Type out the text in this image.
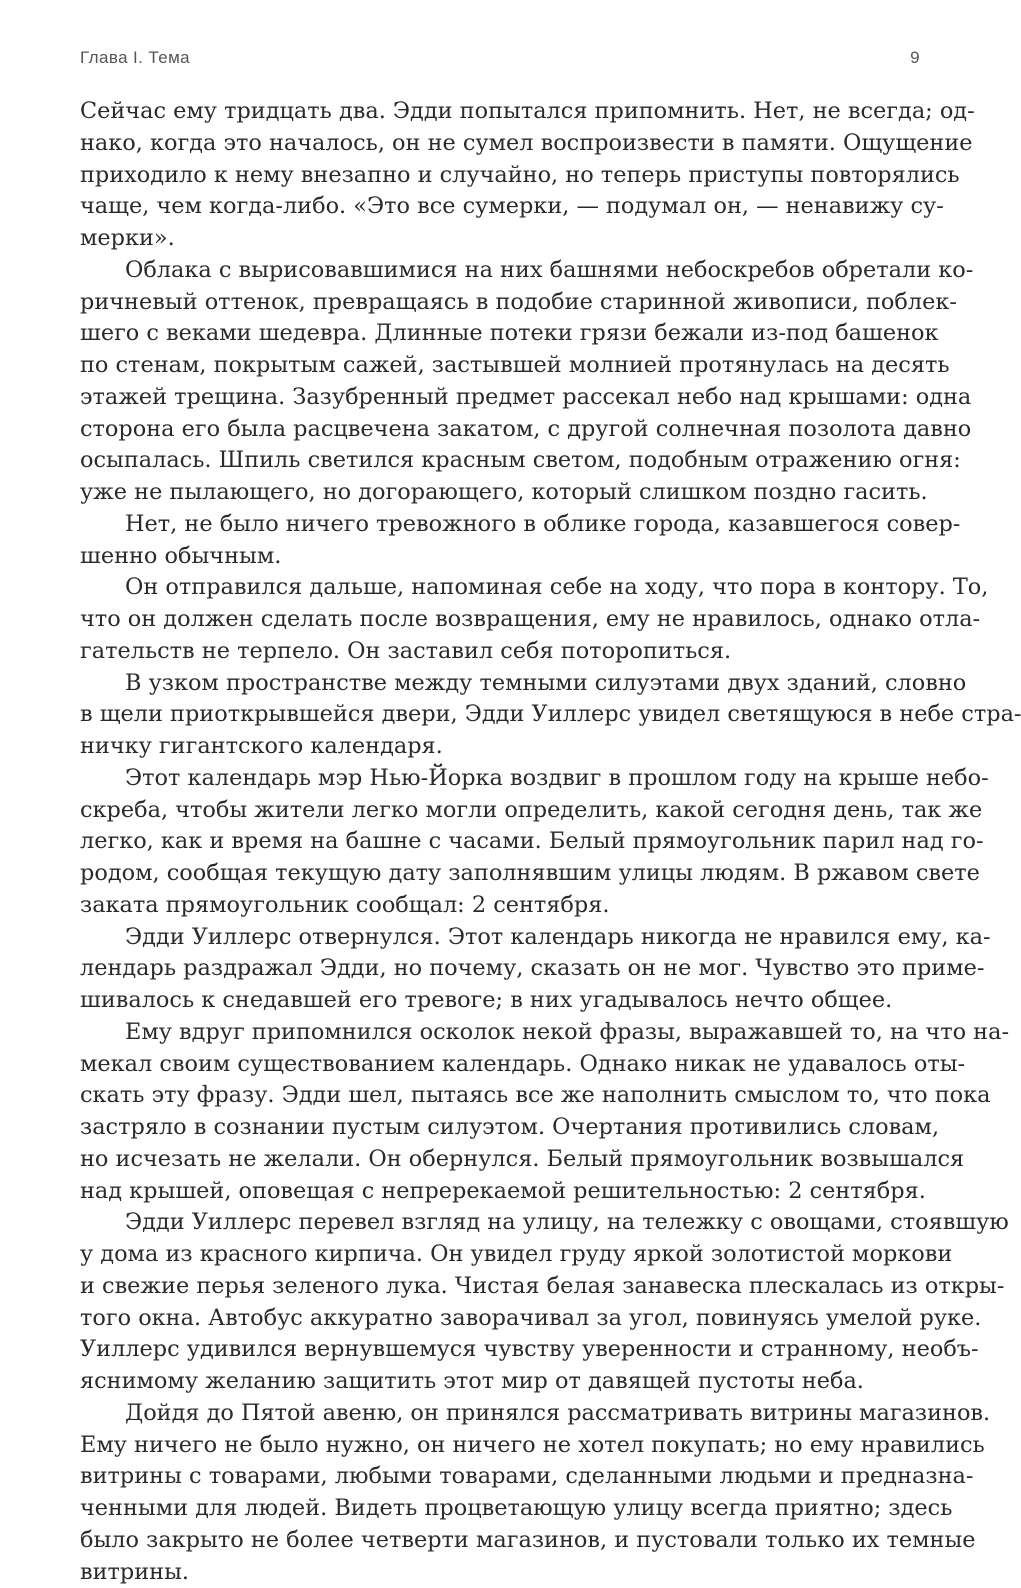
Глава I. Тема	9
Сейчас ему тридцать два. Эдди попытался припомнить. Нет, не всегда; од-
нако, когда это началось, он не сумел воспроизвести в памяти. Ощущение
приходило к нему внезапно и случайно, но теперь приступы повторялись
чаще, чем когда-либо. «Это все сумерки, — подумал он, — ненавижу су-
мерки».
Облака с вырисовавшимися на них башнями небоскребов обретали ко-
ричневый оттенок, превращаясь в подобие старинной живописи, поблек-
шего с веками шедевра. Длинные потеки грязи бежали из-под башенок
по стенам, покрытым сажей, застывшей молнией протянулась на десять
этажей трещина. Зазубренный предмет рассекал небо над крышами: одна
сторона его была расцвечена закатом, с другой солнечная позолота давно
осыпалась. Шпиль светился красным светом, подобным отражению огня:
уже не пылающего, но догорающего, который слишком поздно гасить.
Нет, не было ничего тревожного в облике города, казавшегося совер-
шенно обычным.
Он отправился дальше, напоминая себе на ходу, что пора в контору. То,
что он должен сделать после возвращения, ему не нравилось, однако отла-
гательств не терпело. Он заставил себя поторопиться.
В узком пространстве между темными силуэтами двух зданий, словно
в щели приоткрывшейся двери, Эдди Уиллерс увидел светящуюся в небе стра-
ничку гигантского календаря.
Этот календарь мэр Нью-Йорка воздвиг в прошлом году на крыше небо-
скреба, чтобы жители легко могли определить, какой сегодня день, так же
легко, как и время на башне с часами. Белый прямоугольник парил над го-
родом, сообщая текущую дату заполнявшим улицы людям. В ржавом свете
заката прямоугольник сообщал: 2 сентября.
Эдди Уиллерс отвернулся. Этот календарь никогда не нравился ему, ка-
лендарь раздражал Эдди, но почему, сказать он не мог. Чувство это приме-
шивалось к снедавшей его тревоге; в них угадывалось нечто общее.
Ему вдруг припомнился осколок некой фразы, выражавшей то, на что на-
мекал своим существованием календарь. Однако никак не удавалось оты-
скать эту фразу. Эдди шел, пытаясь все же наполнить смыслом то, что пока
застряло в сознании пустым силуэтом. Очертания противились словам,
но исчезать не желали. Он обернулся. Белый прямоугольник возвышался
над крышей, оповещая с непререкаемой решительностью: 2 сентября.
Эдди Уиллерс перевел взгляд на улицу, на тележку с овощами, стоявшую
у дома из красного кирпича. Он увидел груду яркой золотистой моркови
и свежие перья зеленого лука. Чистая белая занавеска плескалась из откры-
того окна. Автобус аккуратно заворачивал за угол, повинуясь умелой руке.
Уиллерс удивился вернувшемуся чувству уверенности и странному, необъ-
яснимому желанию защитить этот мир от давящей пустоты неба.
Дойдя до Пятой авеню, он принялся рассматривать витрины магазинов.
Ему ничего не было нужно, он ничего не хотел покупать; но ему нравились
витрины с товарами, любыми товарами, сделанными людьми и предназна-
ченными для людей. Видеть процветающую улицу всегда приятно; здесь
было закрыто не более четверти магазинов, и пустовали только их темные
витрины.
